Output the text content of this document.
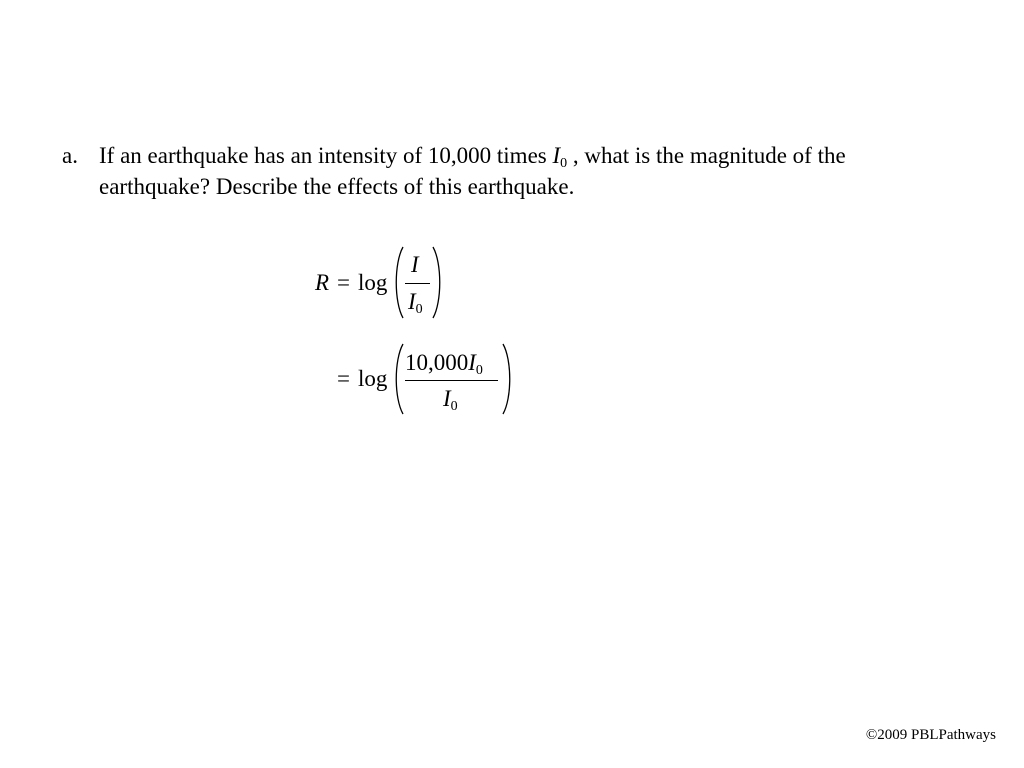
a. If an earthquake has an intensity of 10,000 times $I_0$ , what is the magnitude of the earthquake? Describe the effects of this earthquake.
R = log
I
$I_0$
= log
$10,000I_0$
$I_0$
©2009 PBLPathways
